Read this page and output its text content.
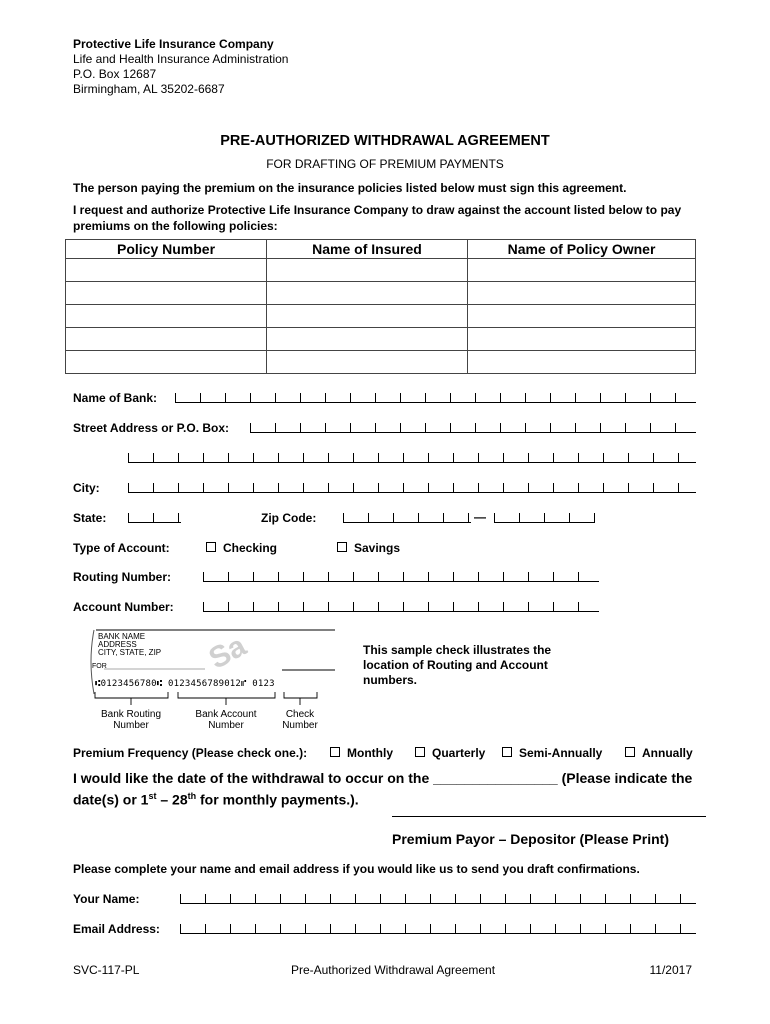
Protective Life Insurance Company
Life and Health Insurance Administration
P.O. Box 12687
Birmingham, AL 35202-6687
PRE-AUTHORIZED WITHDRAWAL AGREEMENT
FOR DRAFTING OF PREMIUM PAYMENTS
The person paying the premium on the insurance policies listed below must sign this agreement.
I request and authorize Protective Life Insurance Company to draw against the account listed below to pay premiums on the following policies:
Policy Number	Name of Insured	Name of Policy Owner

Name of Bank:
Street Address or P.O. Box:
City:
State:	Zip Code:	—
Type of Account:	Checking	Savings
Routing Number:
Account Number:
BANK NAME
ADDRESS
CITY, STATE, ZIP Sa
FOR
⑆0123456780⑆ 0123456789012⑈ 0123
Bank Routing
Number
Bank Account
Number
Check
Number
This sample check illustrates the location of Routing and Account numbers.
Premium Frequency (Please check one.):	Monthly	Quarterly	Semi-Annually	Annually
I would like the date of the withdrawal to occur on the ________________ (Please indicate the date(s) or 1st – 28th for monthly payments.).
Premium Payor – Depositor (Please Print)
Please complete your name and email address if you would like us to send you draft confirmations.
Your Name:
Email Address:
SVC-117-PL	Pre-Authorized Withdrawal Agreement	11/2017
